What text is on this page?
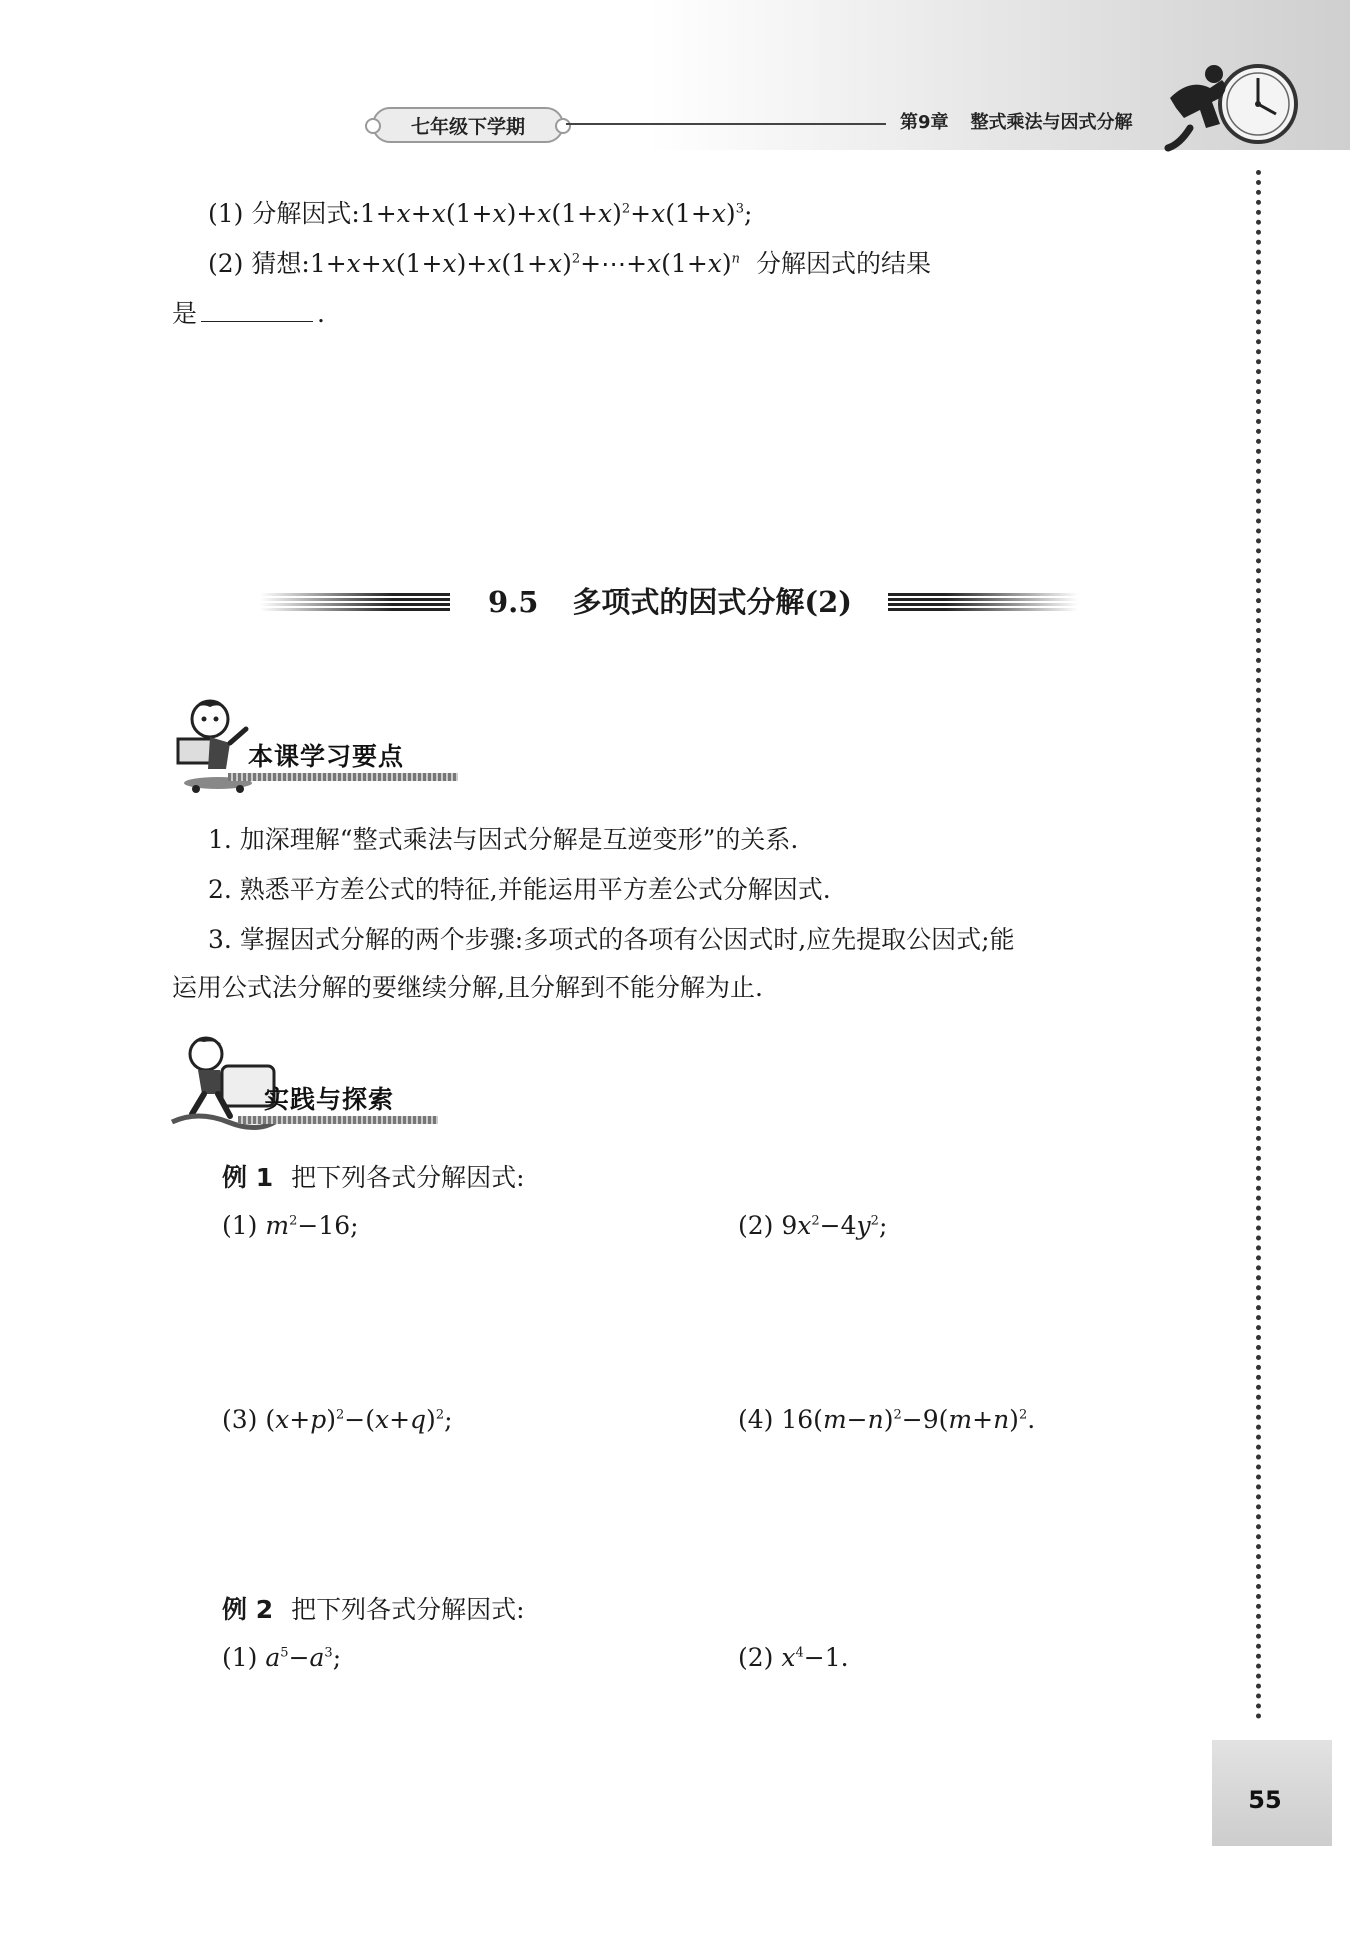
七年级下学期	第9章 整式乘法与因式分解
55
(1) 分解因式$:1+x+x(1+x)+x(1+x)^2+x(1+x)^3$;
(2) 猜想$:1+x+x(1+x)+x(1+x)^2+\cdots+x(1+x)^n$ 分解因式的结果
是	.
9.5 多项式的因式分解(2)
本课学习要点
1. 加深理解“整式乘法与因式分解是互逆变形”的关系.
2. 熟悉平方差公式的特征,并能运用平方差公式分解因式.
3. 掌握因式分解的两个步骤:多项式的各项有公因式时,应先提取公因式;能
运用公式法分解的要继续分解,且分解到不能分解为止.
实践与探索
例 1 把下列各式分解因式:
(1) $m^2-16$;	(2) $9x^2-4y^2$;
(3) $(x+p)^2-(x+q)^2$;	(4) $16(m-n)^2-9(m+n)^2$.
例 2 把下列各式分解因式:
(1) $a^5-a^3$;	(2) $x^4-1$.
